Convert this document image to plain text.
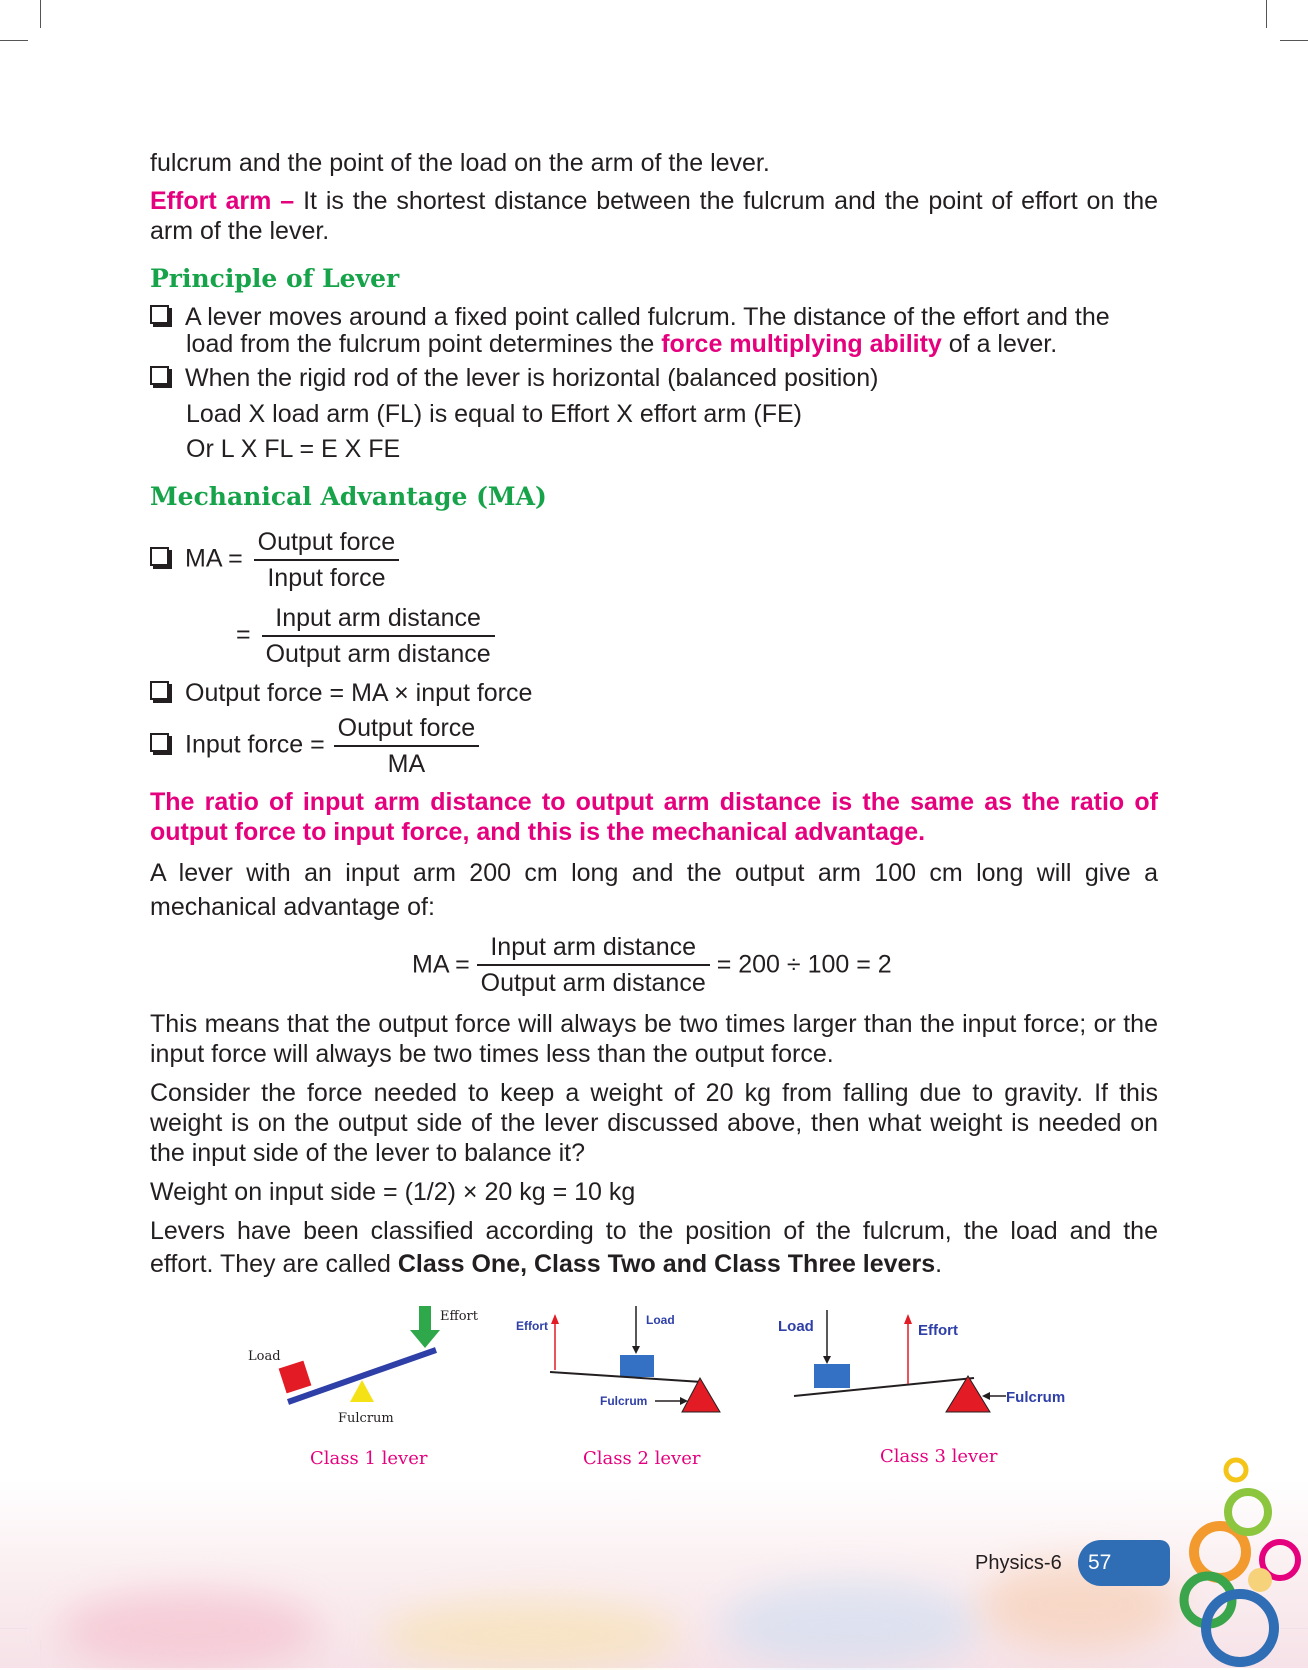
fulcrum and the point of the load on the arm of the lever.
Effort arm – It is the shortest distance between the fulcrum and the point of effort on the arm of the lever.
Principle of Lever
A lever moves around a fixed point called fulcrum. The distance of the effort and the load from the fulcrum point determines the force multiplying ability of a lever.
When the rigid rod of the lever is horizontal (balanced position)
Load X load arm (FL) is equal to Effort X effort arm (FE)
Or L X FL = E X FE
Mechanical Advantage (MA)
MA = $\frac{\text{Output force}}{\text{Input force}}$
= $\frac{\text{Input arm distance}}{\text{Output arm distance}}$
Output force = MA × input force
Input force = $\frac{\text{Output force}}{MA}$
The ratio of input arm distance to output arm distance is the same as the ratio of output force to input force, and this is the mechanical advantage.
A lever with an input arm 200 cm long and the output arm 100 cm long will give a mechanical advantage of:
MA = $\frac{\text{Input arm distance}}{\text{Output arm distance}} = 200 \div 100 = 2$
This means that the output force will always be two times larger than the input force; or the input force will always be two times less than the output force.
Consider the force needed to keep a weight of 20 kg from falling due to gravity. If this weight is on the output side of the lever discussed above, then what weight is needed on the input side of the lever to balance it?
Weight on input side = (1/2) × 20 kg = 10 kg
Levers have been classified according to the position of the fulcrum, the load and the effort. They are called Class One, Class Two and Class Three levers.
Effort
Load
Fulcrum
Class 1 lever
Effort	Load
Fulcrum
Class 2 lever
Load	Effort
Fulcrum
Class 3 lever
Physics-6	57
